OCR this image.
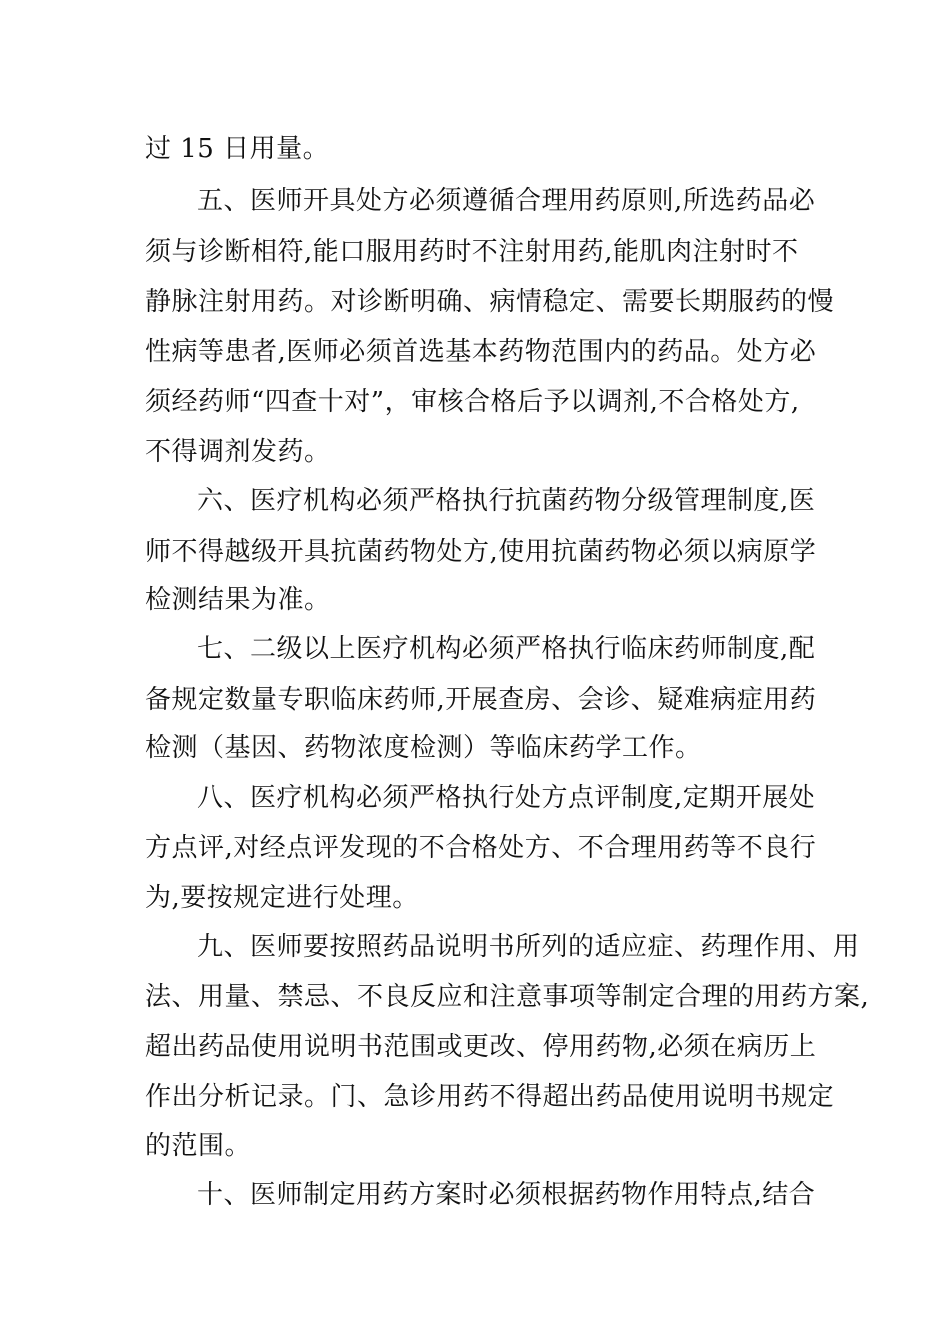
过 15 日用量。
五、医师开具处方必须遵循合理用药原则,所选药品必
须与诊断相符,能口服用药时不注射用药,能肌肉注射时不
静脉注射用药。对诊断明确、病情稳定、需要长期服药的慢
性病等患者,医师必须首选基本药物范围内的药品。处方必
须经药师“四查十对”，审核合格后予以调剂,不合格处方,
不得调剂发药。
六、医疗机构必须严格执行抗菌药物分级管理制度,医
师不得越级开具抗菌药物处方,使用抗菌药物必须以病原学
检测结果为准。
七、二级以上医疗机构必须严格执行临床药师制度,配
备规定数量专职临床药师,开展查房、会诊、疑难病症用药
检测（基因、药物浓度检测）等临床药学工作。
八、医疗机构必须严格执行处方点评制度,定期开展处
方点评,对经点评发现的不合格处方、不合理用药等不良行
为,要按规定进行处理。
九、医师要按照药品说明书所列的适应症、药理作用、用
法、用量、禁忌、不良反应和注意事项等制定合理的用药方案,
超出药品使用说明书范围或更改、停用药物,必须在病历上
作出分析记录。门、急诊用药不得超出药品使用说明书规定
的范围。
十、医师制定用药方案时必须根据药物作用特点,结合
